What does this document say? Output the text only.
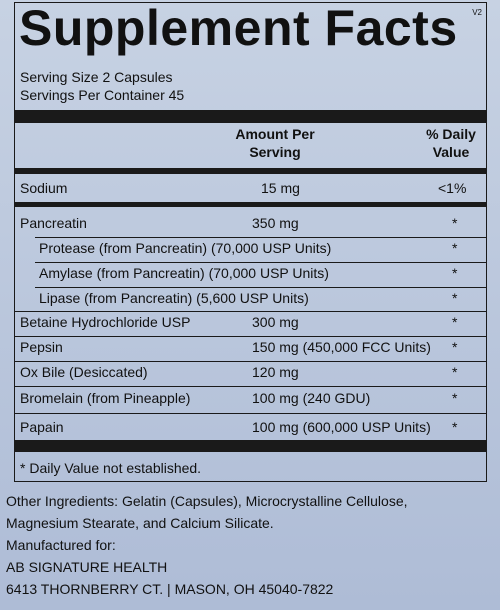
Supplement Facts V2
Serving Size 2 Capsules
Servings Per Container 45
Amount Per Serving
% Daily Value
Sodium	15 mg	<1%
Pancreatin	350 mg	*
Protease (from Pancreatin) (70,000 USP Units)	*
Amylase (from Pancreatin) (70,000 USP Units)	*
Lipase (from Pancreatin) (5,600 USP Units)	*
Betaine Hydrochloride USP	300 mg	*
Pepsin	150 mg (450,000 FCC Units) *
Ox Bile (Desiccated)	120 mg	*
Bromelain (from Pineapple)	100 mg (240 GDU)	*
Papain	100 mg (600,000 USP Units) *
* Daily Value not established.
Other Ingredients: Gelatin (Capsules), Microcrystalline Cellulose,
Magnesium Stearate, and Calcium Silicate.
Manufactured for:
AB SIGNATURE HEALTH
6413 THORNBERRY CT. | MASON, OH 45040-7822
